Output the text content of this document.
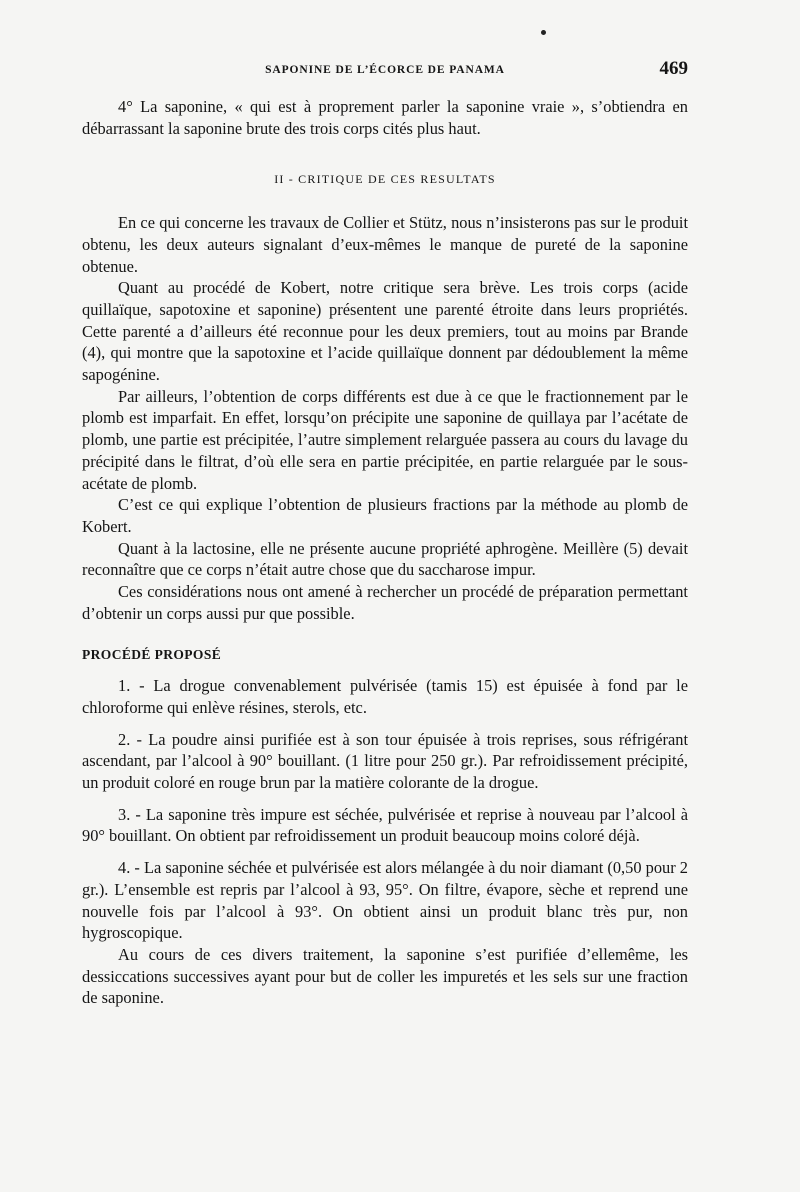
SAPONINE DE L’ÉCORCE DE PANAMA	469

4° La saponine, « qui est à proprement parler la saponine vraie », s’obtiendra en débarrassant la saponine brute des trois corps cités plus haut.

II - CRITIQUE DE CES RESULTATS

En ce qui concerne les travaux de Collier et Stütz, nous n’insisterons pas sur le produit obtenu, les deux auteurs signalant d’eux-mêmes le manque de pureté de la saponine obtenue.

Quant au procédé de Kobert, notre critique sera brève. Les trois corps (acide quillaïque, sapotoxine et saponine) présentent une parenté étroite dans leurs propriétés. Cette parenté a d’ailleurs été reconnue pour les deux premiers, tout au moins par Brande (4), qui montre que la sapotoxine et l’acide quillaïque donnent par dédoublement la même sapogénine.

Par ailleurs, l’obtention de corps différents est due à ce que le fractionnement par le plomb est imparfait. En effet, lorsqu’on précipite une saponine de quillaya par l’acétate de plomb, une partie est précipitée, l’autre simplement relarguée passera au cours du lavage du précipité dans le filtrat, d’où elle sera en partie précipitée, en partie relarguée par le sous-acétate de plomb.

C’est ce qui explique l’obtention de plusieurs fractions par la méthode au plomb de Kobert.

Quant à la lactosine, elle ne présente aucune propriété aphrogène. Meillère (5) devait reconnaître que ce corps n’était autre chose que du saccharose impur.

Ces considérations nous ont amené à rechercher un procédé de préparation permettant d’obtenir un corps aussi pur que possible.

PROCÉDÉ PROPOSÉ

1. - La drogue convenablement pulvérisée (tamis 15) est épuisée à fond par le chloroforme qui enlève résines, sterols, etc.

2. - La poudre ainsi purifiée est à son tour épuisée à trois reprises, sous réfrigérant ascendant, par l’alcool à 90° bouillant. (1 litre pour 250 gr.). Par refroidissement précipité, un produit coloré en rouge brun par la matière colorante de la drogue.

3. - La saponine très impure est séchée, pulvérisée et reprise à nouveau par l’alcool à 90° bouillant. On obtient par refroidissement un produit beaucoup moins coloré déjà.

4. - La saponine séchée et pulvérisée est alors mélangée à du noir diamant (0,50 pour 2 gr.). L’ensemble est repris par l’alcool à 93, 95°. On filtre, évapore, sèche et reprend une nouvelle fois par l’alcool à 93°. On obtient ainsi un produit blanc très pur, non hygroscopique.

Au cours de ces divers traitement, la saponine s’est purifiée d’ellemême, les dessiccations successives ayant pour but de coller les impuretés et les sels sur une fraction de saponine.
